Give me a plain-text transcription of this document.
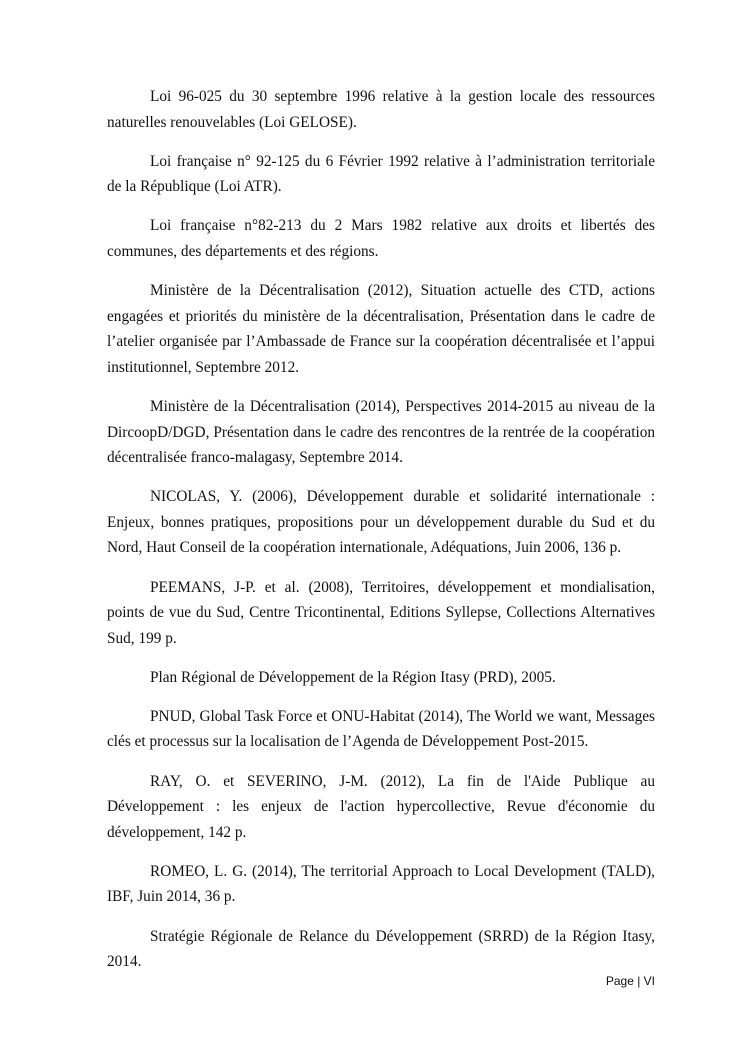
Loi 96-025 du 30 septembre 1996 relative à la gestion locale des ressources naturelles renouvelables (Loi GELOSE).

Loi française n° 92-125 du 6 Février 1992 relative à l’administration territoriale de la République (Loi ATR).

Loi française n°82-213 du 2 Mars 1982 relative aux droits et libertés des communes, des départements et des régions.

Ministère de la Décentralisation (2012), Situation actuelle des CTD, actions engagées et priorités du ministère de la décentralisation, Présentation dans le cadre de l’atelier organisée par l’Ambassade de France sur la coopération décentralisée et l’appui institutionnel, Septembre 2012.

Ministère de la Décentralisation (2014), Perspectives 2014-2015 au niveau de la DircoopD/DGD, Présentation dans le cadre des rencontres de la rentrée de la coopération décentralisée franco-malagasy, Septembre 2014.

NICOLAS, Y. (2006), Développement durable et solidarité internationale : Enjeux, bonnes pratiques, propositions pour un développement durable du Sud et du Nord, Haut Conseil de la coopération internationale, Adéquations, Juin 2006, 136 p.

PEEMANS, J-P. et al. (2008), Territoires, développement et mondialisation, points de vue du Sud, Centre Tricontinental, Editions Syllepse, Collections Alternatives Sud, 199 p.

Plan Régional de Développement de la Région Itasy (PRD), 2005.

PNUD, Global Task Force et ONU-Habitat (2014), The World we want, Messages clés et processus sur la localisation de l’Agenda de Développement Post-2015.

RAY, O. et SEVERINO, J-M. (2012), La fin de l'Aide Publique au Développement : les enjeux de l'action hypercollective, Revue d'économie du développement, 142 p.

ROMEO, L. G. (2014), The territorial Approach to Local Development (TALD), IBF, Juin 2014, 36 p.

Stratégie Régionale de Relance du Développement (SRRD) de la Région Itasy, 2014.

Page | VI
